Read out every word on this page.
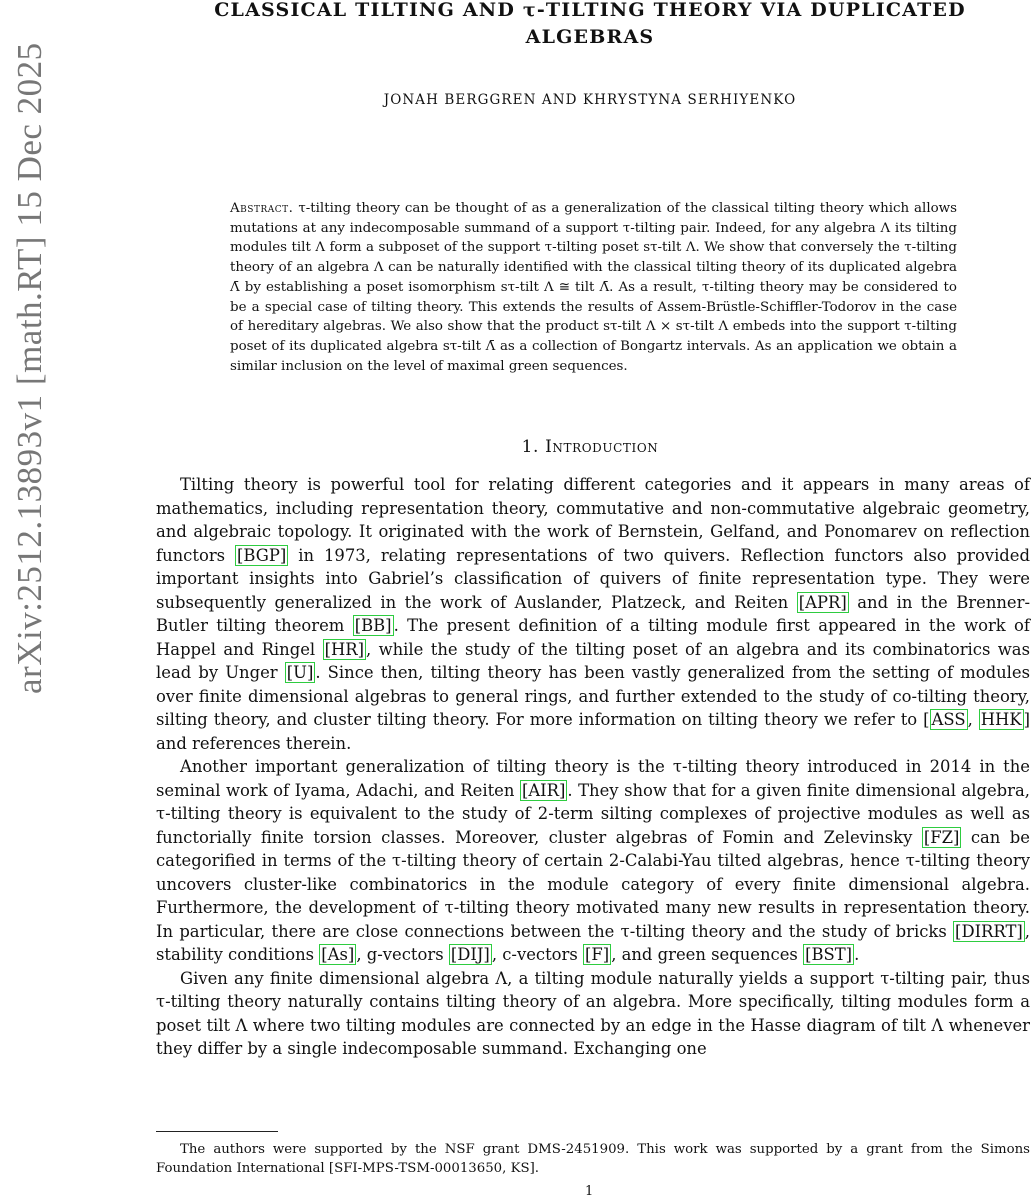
arXiv:2512.13893v1 [math.RT] 15 Dec 2025
CLASSICAL TILTING AND τ-TILTING THEORY VIA DUPLICATED
ALGEBRAS
JONAH BERGGREN AND KHRYSTYNA SERHIYENKO
Abstract. τ-tilting theory can be thought of as a generalization of the classical tilting theory which allows mutations at any indecomposable summand of a support τ-tilting pair. Indeed, for any algebra Λ its tilting modules tilt Λ form a subposet of the support τ-tilting poset sτ-tilt Λ. We show that conversely the τ-tilting theory of an algebra Λ can be naturally identified with the classical tilting theory of its duplicated algebra Λ̄ by establishing a poset isomorphism sτ-tilt Λ ≅ tilt Λ̄. As a result, τ-tilting theory may be considered to be a special case of tilting theory. This extends the results of Assem-Brüstle-Schiffler-Todorov in the case of hereditary algebras. We also show that the product sτ-tilt Λ × sτ-tilt Λ embeds into the support τ-tilting poset of its duplicated algebra sτ-tilt Λ̄ as a collection of Bongartz intervals. As an application we obtain a similar inclusion on the level of maximal green sequences.
1. Introduction

Tilting theory is powerful tool for relating different categories and it appears in many areas of mathematics, including representation theory, commutative and non-commutative algebraic geometry, and algebraic topology. It originated with the work of Bernstein, Gelfand, and Ponomarev on reflection functors [BGP] in 1973, relating representations of two quivers. Reflection functors also provided important insights into Gabriel’s classification of quivers of finite representation type. They were subsequently generalized in the work of Auslander, Platzeck, and Reiten [APR] and in the Brenner-Butler tilting theorem [BB] . The present definition of a tilting module first appeared in the work of Happel and Ringel [HR] , while the study of the tilting poset of an algebra and its combinatorics was lead by Unger [U] . Since then, tilting theory has been vastly generalized from the setting of modules over finite dimensional algebras to general rings, and further extended to the study of co-tilting theory, silting theory, and cluster tilting theory. For more information on tilting theory we refer to [ ASS , HHK ] and references therein.

Another important generalization of tilting theory is the τ-tilting theory introduced in 2014 in the seminal work of Iyama, Adachi, and Reiten [AIR] . They show that for a given finite dimensional algebra, τ-tilting theory is equivalent to the study of 2-term silting complexes of projective modules as well as functorially finite torsion classes. Moreover, cluster algebras of Fomin and Zelevinsky [FZ] can be categorified in terms of the τ-tilting theory of certain 2-Calabi-Yau tilted algebras, hence τ-tilting theory uncovers cluster-like combinatorics in the module category of every finite dimensional algebra. Furthermore, the development of τ-tilting theory motivated many new results in representation theory. In particular, there are close connections between the τ-tilting theory and the study of bricks [DIRRT] , stability conditions [As] , g-vectors [DIJ] , c-vectors [F] , and green sequences [BST] .

Given any finite dimensional algebra Λ, a tilting module naturally yields a support τ-tilting pair, thus τ-tilting theory naturally contains tilting theory of an algebra. More specifically, tilting modules form a poset tilt Λ where two tilting modules are connected by an edge in the Hasse diagram of tilt Λ whenever they differ by a single indecomposable summand. Exchanging one

The authors were supported by the NSF grant DMS-2451909. This work was supported by a grant from the Simons Foundation International [SFI-MPS-TSM-00013650, KS].
1
